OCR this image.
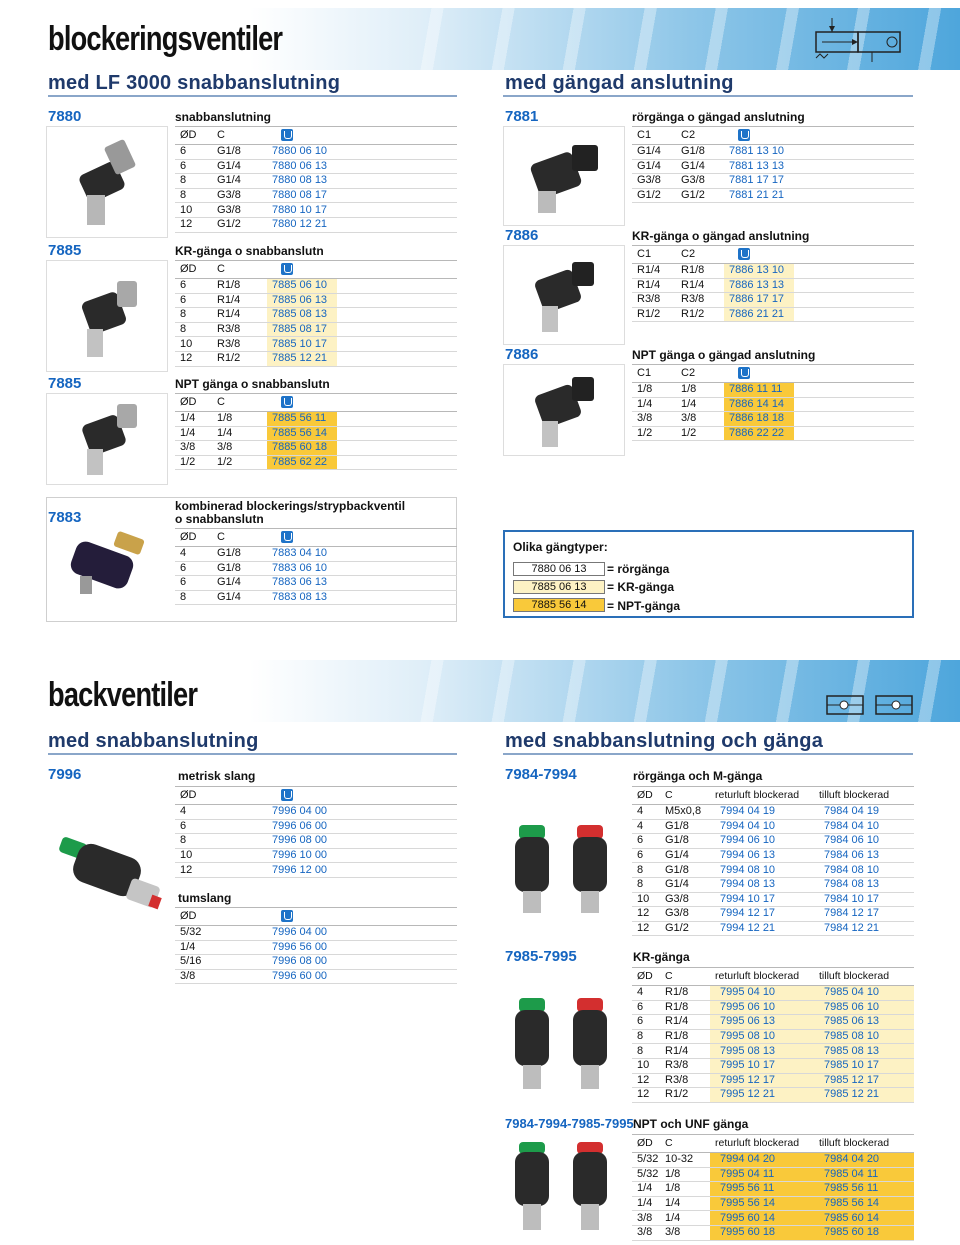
blockeringsventiler
med LF 3000 snabbanslutning	med gängad anslutning
7880	snabbanslutning
ØD	C		
6	G1/8	7880 06 10	
6	G1/4	7880 06 13	
8	G1/4	7880 08 13	
8	G3/8	7880 08 17	
10	G3/8	7880 10 17	
12	G1/2	7880 12 21	
7885	KR-gänga o snabbanslutn
ØD	C		
6	R1/8	7885 06 10	
6	R1/4	7885 06 13	
8	R1/4	7885 08 13	
8	R3/8	7885 08 17	
10	R3/8	7885 10 17	
12	R1/2	7885 12 21	
7885	NPT gänga o snabbanslutn
ØD	C		
1/4	1/8	7885 56 11	
1/4	1/4	7885 56 14	
3/8	3/8	7885 60 18	
1/2	1/2	7885 62 22	
7881	rörgänga o gängad anslutning
C1	C2		
G1/4	G1/8	7881 13 10	
G1/4	G1/4	7881 13 13	
G3/8	G3/8	7881 17 17	
G1/2	G1/2	7881 21 21	
7886	KR-gänga o gängad anslutning
C1	C2		
R1/4	R1/8	7886 13 10	
R1/4	R1/4	7886 13 13	
R3/8	R3/8	7886 17 17	
R1/2	R1/2	7886 21 21	
7886	NPT gänga o gängad anslutning
C1	C2		
1/8	1/8	7886 11 11	
1/4	1/4	7886 14 14	
3/8	3/8	7886 18 18	
1/2	1/2	7886 22 22	
7883
kombinerad blockerings/strypbackventil
o snabbanslutn
ØD	C		
4	G1/8	7883 04 10	
6	G1/8	7883 06 10	
6	G1/4	7883 06 13	
8	G1/4	7883 08 13	
Olika gängtyper:
7880 06 13	= rörgänga
7885 06 13	= KR-gänga
7885 56 14	= NPT-gänga
backventiler
med snabbanslutning	med snabbanslutning och gänga
7996	metrisk slang
ØD		
4	7996 04 00	
6	7996 06 00	
8	7996 08 00	
10	7996 10 00	
12	7996 12 00	
tumslang
ØD		
5/32	7996 04 00	
1/4	7996 56 00	
5/16	7996 08 00	
3/8	7996 60 00	
7984-7994	rörgänga och M-gänga
ØD	C	returluft blockerad	tilluft blockerad
4	M5x0,8	7994 04 19	7984 04 19
4	G1/8	7994 04 10	7984 04 10
6	G1/8	7994 06 10	7984 06 10
6	G1/4	7994 06 13	7984 06 13
8	G1/8	7994 08 10	7984 08 10
8	G1/4	7994 08 13	7984 08 13
10	G3/8	7994 10 17	7984 10 17
12	G3/8	7994 12 17	7984 12 17
12	G1/2	7994 12 21	7984 12 21
7985-7995	KR-gänga
ØD	C	returluft blockerad	tilluft blockerad
4	R1/8	7995 04 10	7985 04 10
6	R1/8	7995 06 10	7985 06 10
6	R1/4	7995 06 13	7985 06 13
8	R1/8	7995 08 10	7985 08 10
8	R1/4	7995 08 13	7985 08 13
10	R3/8	7995 10 17	7985 10 17
12	R3/8	7995 12 17	7985 12 17
12	R1/2	7995 12 21	7985 12 21
7984-7994-7985-7995 NPT och UNF gänga
ØD	C	returluft blockerad	tilluft blockerad
5/32	10-32	7994 04 20	7984 04 20
5/32	1/8	7995 04 11	7985 04 11
1/4	1/8	7995 56 11	7985 56 11
1/4	1/4	7995 56 14	7985 56 14
3/8	1/4	7995 60 14	7985 60 14
3/8	3/8	7995 60 18	7985 60 18
